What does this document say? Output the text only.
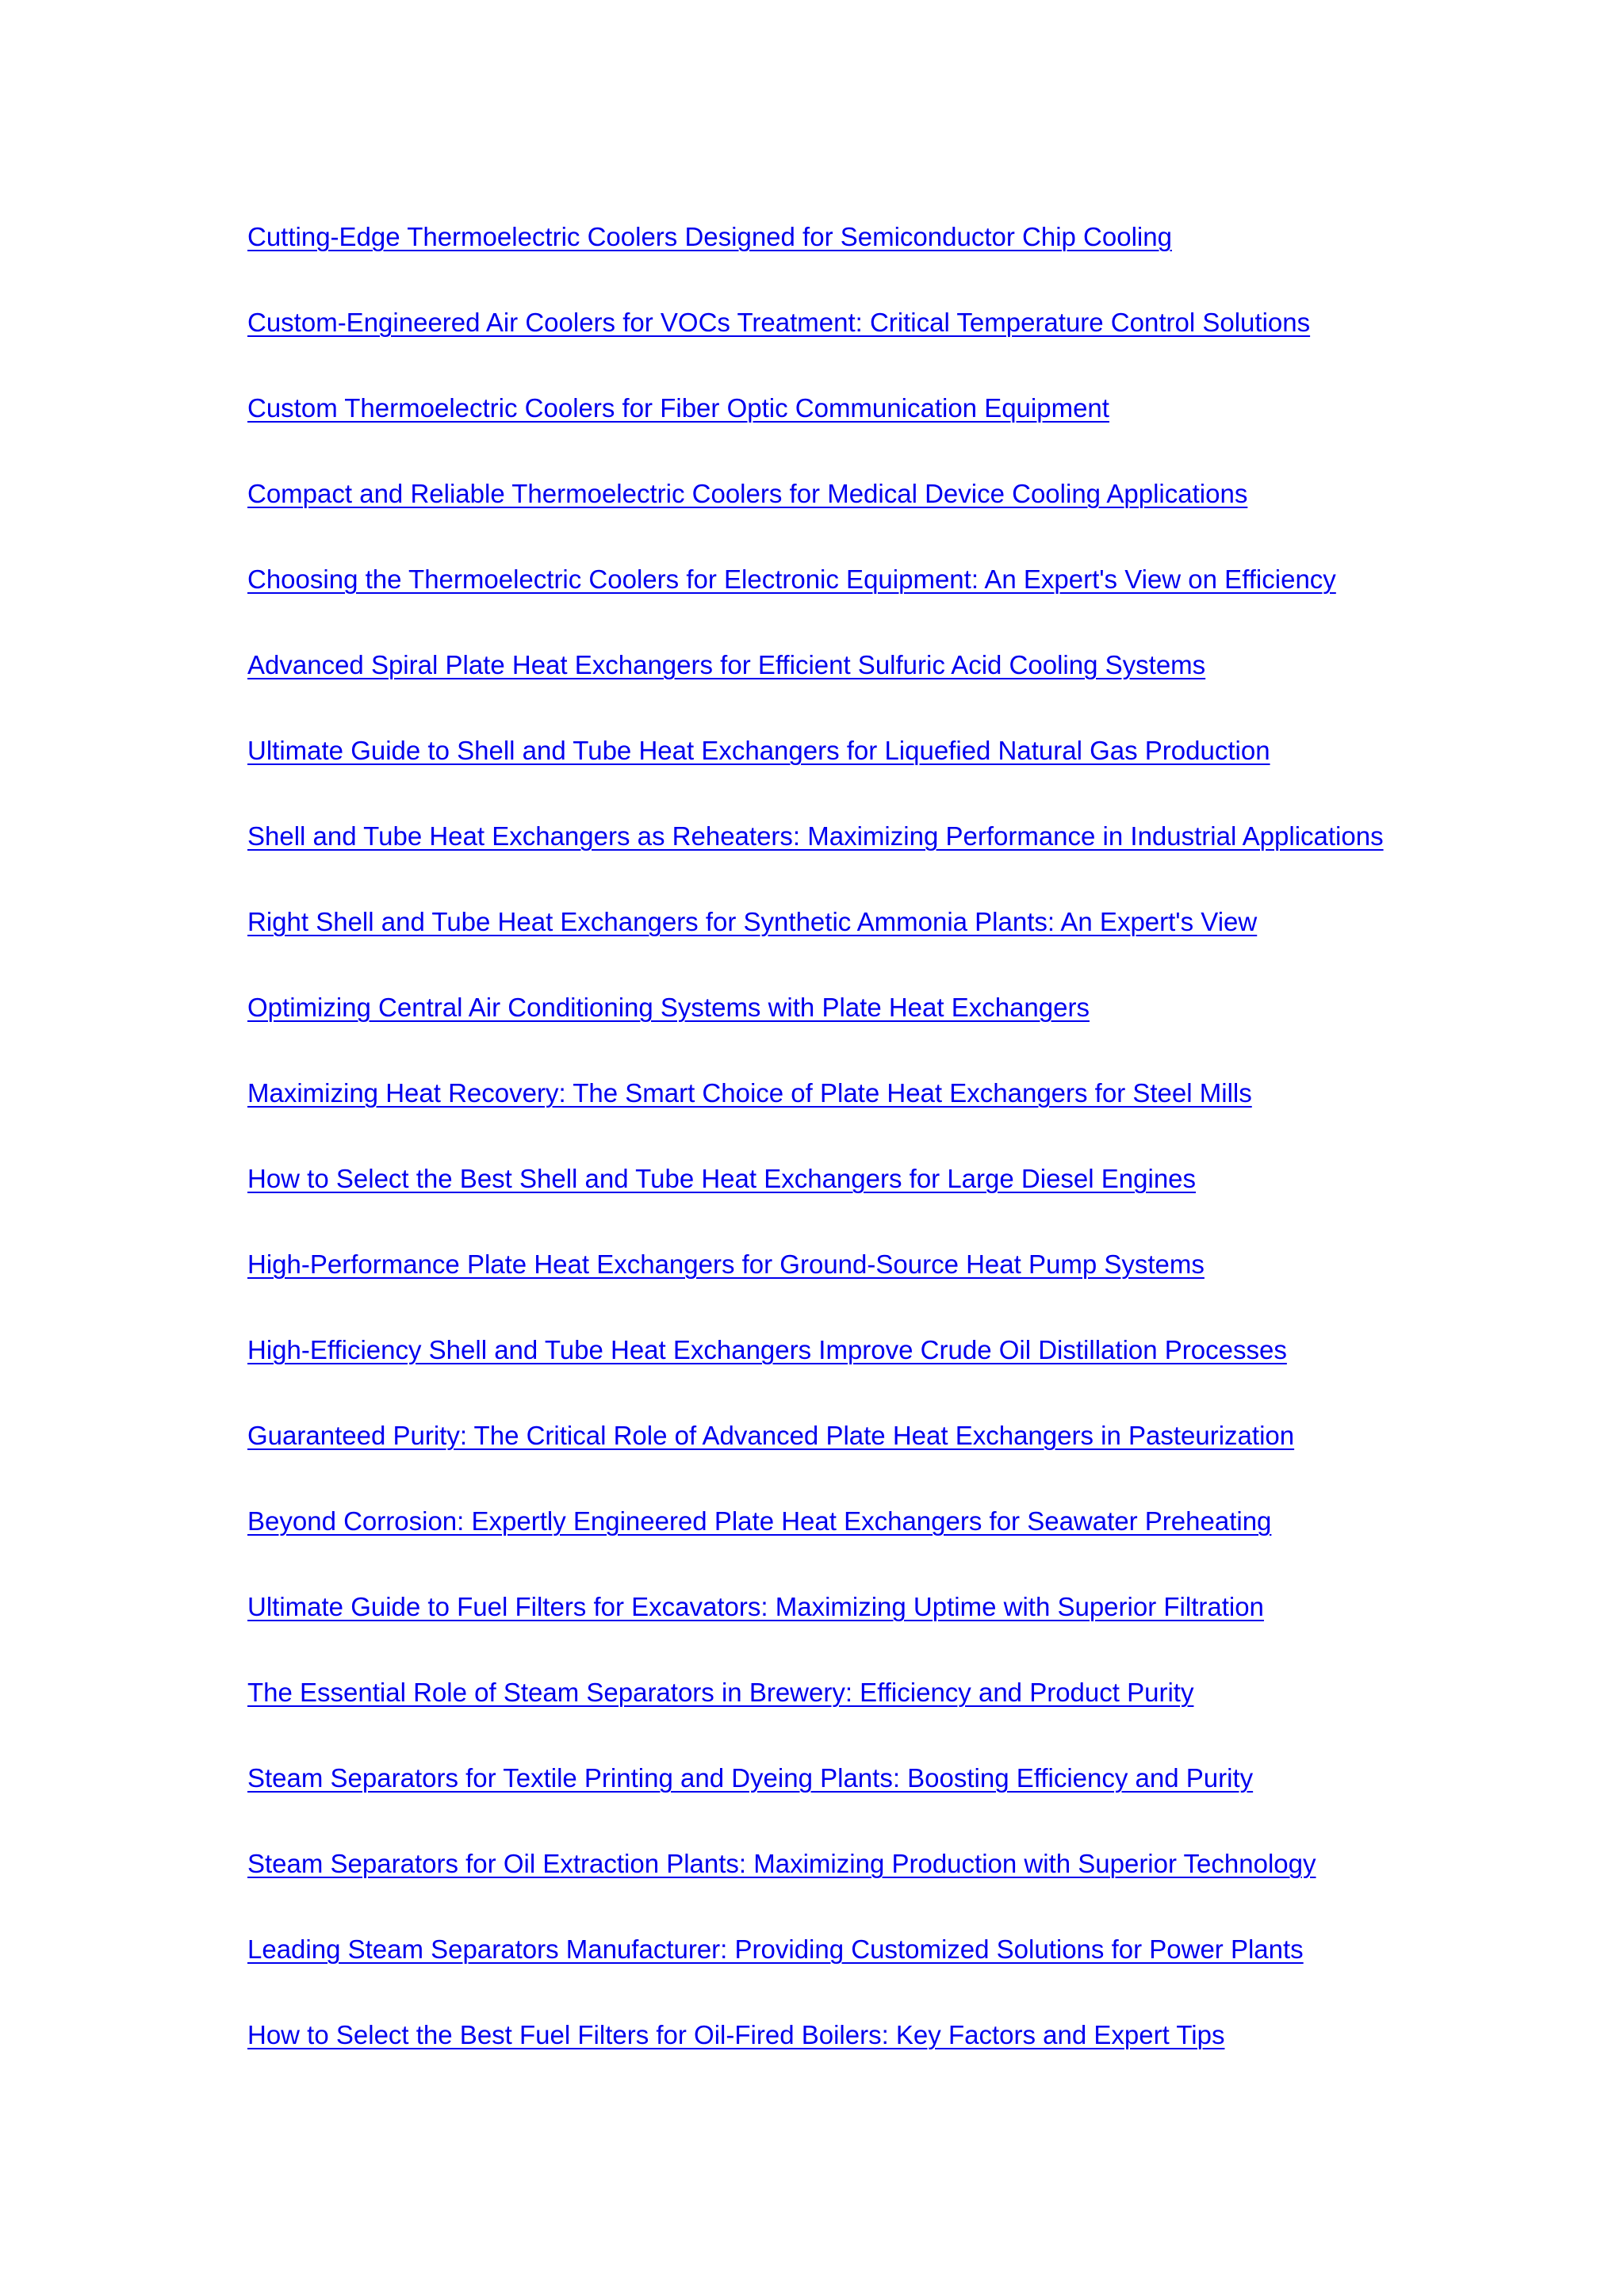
Cutting-Edge Thermoelectric Coolers Designed for Semiconductor Chip Cooling
Custom-Engineered Air Coolers for VOCs Treatment: Critical Temperature Control Solutions
Custom Thermoelectric Coolers for Fiber Optic Communication Equipment
Compact and Reliable Thermoelectric Coolers for Medical Device Cooling Applications
Choosing the Thermoelectric Coolers for Electronic Equipment: An Expert's View on Efficiency
Advanced Spiral Plate Heat Exchangers for Efficient Sulfuric Acid Cooling Systems
Ultimate Guide to Shell and Tube Heat Exchangers for Liquefied Natural Gas Production
Shell and Tube Heat Exchangers as Reheaters: Maximizing Performance in Industrial Applications
Right Shell and Tube Heat Exchangers for Synthetic Ammonia Plants: An Expert's View
Optimizing Central Air Conditioning Systems with Plate Heat Exchangers
Maximizing Heat Recovery: The Smart Choice of Plate Heat Exchangers for Steel Mills
How to Select the Best Shell and Tube Heat Exchangers for Large Diesel Engines
High-Performance Plate Heat Exchangers for Ground-Source Heat Pump Systems
High-Efficiency Shell and Tube Heat Exchangers Improve Crude Oil Distillation Processes
Guaranteed Purity: The Critical Role of Advanced Plate Heat Exchangers in Pasteurization
Beyond Corrosion: Expertly Engineered Plate Heat Exchangers for Seawater Preheating
Ultimate Guide to Fuel Filters for Excavators: Maximizing Uptime with Superior Filtration
The Essential Role of Steam Separators in Brewery: Efficiency and Product Purity
Steam Separators for Textile Printing and Dyeing Plants: Boosting Efficiency and Purity
Steam Separators for Oil Extraction Plants: Maximizing Production with Superior Technology
Leading Steam Separators Manufacturer: Providing Customized Solutions for Power Plants
How to Select the Best Fuel Filters for Oil-Fired Boilers: Key Factors and Expert Tips
